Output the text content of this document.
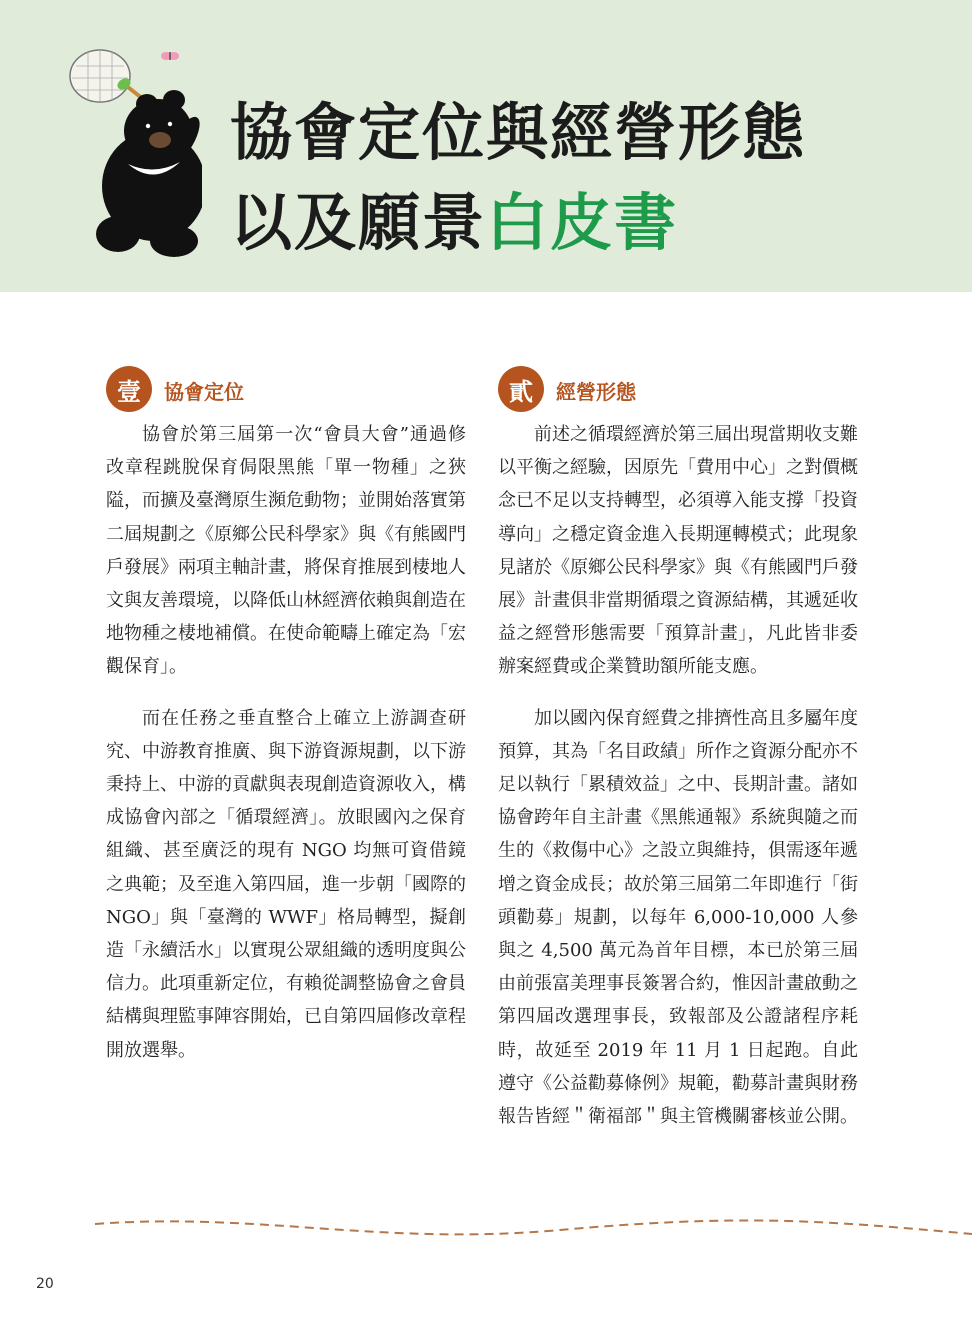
協會定位與經營形態
以及願景白皮書
壹	協會定位

協會於第三屆第一次“會員大會”通過修改章程跳脫保育侷限黑熊「單一物種」之狹隘，而擴及臺灣原生瀕危動物；並開始落實第二屆規劃之《原鄉公民科學家》與《有熊國門戶發展》兩項主軸計畫，將保育推展到棲地人文與友善環境，以降低山林經濟依賴與創造在地物種之棲地補償。在使命範疇上確定為「宏觀保育」。

而在任務之垂直整合上確立上游調查研究、中游教育推廣、與下游資源規劃，以下游秉持上、中游的貢獻與表現創造資源收入，構成協會內部之「循環經濟」。放眼國內之保育組織、甚至廣泛的現有 NGO 均無可資借鏡之典範；及至進入第四屆，進一步朝「國際的 NGO」與「臺灣的 WWF」格局轉型，擬創造「永續活水」以實現公眾組織的透明度與公信力。此項重新定位，有賴從調整協會之會員結構與理監事陣容開始，已自第四屆修改章程開放選舉。

貳	經營形態

前述之循環經濟於第三屆出現當期收支難以平衡之經驗，因原先「費用中心」之對價概念已不足以支持轉型，必須導入能支撐「投資導向」之穩定資金進入長期運轉模式；此現象見諸於《原鄉公民科學家》與《有熊國門戶發展》計畫俱非當期循環之資源結構，其遞延收益之經營形態需要「預算計畫」，凡此皆非委辦案經費或企業贊助額所能支應。

加以國內保育經費之排擠性高且多屬年度預算，其為「名目政績」所作之資源分配亦不足以執行「累積效益」之中、長期計畫。諸如協會跨年自主計畫《黑熊通報》系統與隨之而生的《救傷中心》之設立與維持，俱需逐年遞增之資金成長；故於第三屆第二年即進行「街頭勸募」規劃，以每年 6,000-10,000 人參與之 4,500 萬元為首年目標，本已於第三屆由前張富美理事長簽署合約，惟因計畫啟動之第四屆改選理事長，致報部及公證諸程序耗時，故延至 2019 年 11 月 1 日起跑。自此遵守《公益勸募條例》規範，勸募計畫與財務報告皆經＂衛福部＂與主管機關審核並公開。

20
